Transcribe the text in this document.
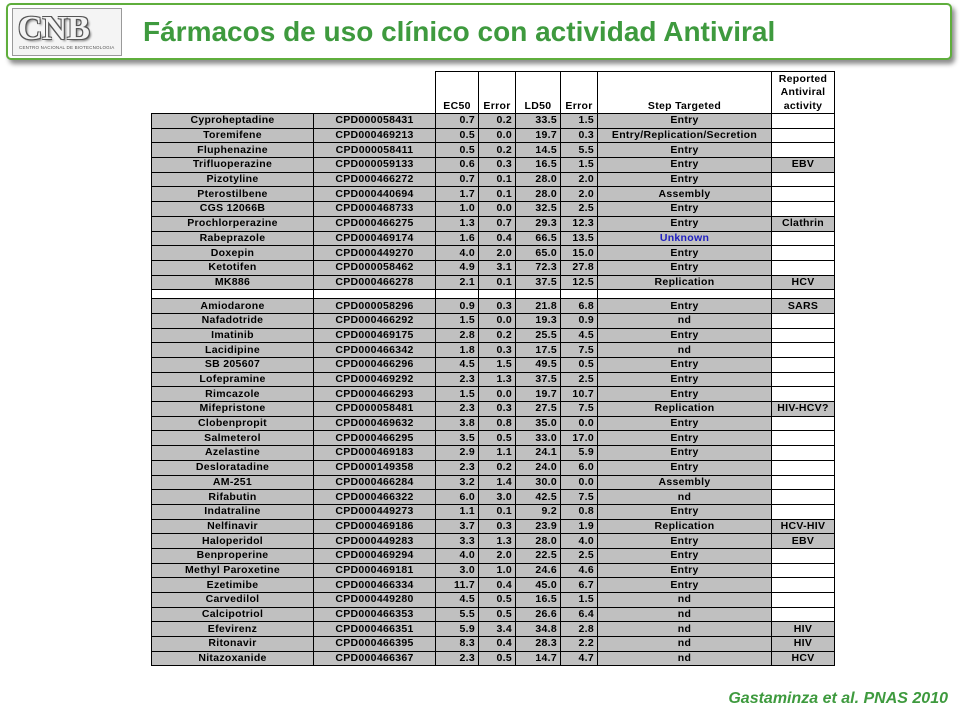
CNB
CENTRO NACIONAL DE BIOTECNOLOGIA
Fármacos de uso clínico con actividad Antiviral
		EC50	Error	LD50	Error	Step Targeted	Reported
							Antiviral
							activity
Cyproheptadine	CPD000058431	0.7	0.2	33.5	1.5	Entry	
Toremifene	CPD000469213	0.5	0.0	19.7	0.3	Entry/Replication/Secretion	
Fluphenazine	CPD000058411	0.5	0.2	14.5	5.5	Entry	
Trifluoperazine	CPD000059133	0.6	0.3	16.5	1.5	Entry	EBV
Pizotyline	CPD000466272	0.7	0.1	28.0	2.0	Entry	
Pterostilbene	CPD000440694	1.7	0.1	28.0	2.0	Assembly	
CGS 12066B	CPD000468733	1.0	0.0	32.5	2.5	Entry	
Prochlorperazine	CPD000466275	1.3	0.7	29.3	12.3	Entry	Clathrin
Rabeprazole	CPD000469174	1.6	0.4	66.5	13.5	Unknown	
Doxepin	CPD000449270	4.0	2.0	65.0	15.0	Entry	
Ketotifen	CPD000058462	4.9	3.1	72.3	27.8	Entry	
MK886	CPD000466278	2.1	0.1	37.5	12.5	Replication	HCV

Amiodarone	CPD000058296	0.9	0.3	21.8	6.8	Entry	SARS
Nafadotride	CPD000466292	1.5	0.0	19.3	0.9	nd	
Imatinib	CPD000469175	2.8	0.2	25.5	4.5	Entry	
Lacidipine	CPD000466342	1.8	0.3	17.5	7.5	nd	
SB 205607	CPD000466296	4.5	1.5	49.5	0.5	Entry	
Lofepramine	CPD000469292	2.3	1.3	37.5	2.5	Entry	
Rimcazole	CPD000466293	1.5	0.0	19.7	10.7	Entry	
Mifepristone	CPD000058481	2.3	0.3	27.5	7.5	Replication	HIV-HCV?
Clobenpropit	CPD000469632	3.8	0.8	35.0	0.0	Entry	
Salmeterol	CPD000466295	3.5	0.5	33.0	17.0	Entry	
Azelastine	CPD000469183	2.9	1.1	24.1	5.9	Entry	
Desloratadine	CPD000149358	2.3	0.2	24.0	6.0	Entry	
AM-251	CPD000466284	3.2	1.4	30.0	0.0	Assembly	
Rifabutin	CPD000466322	6.0	3.0	42.5	7.5	nd	
Indatraline	CPD000449273	1.1	0.1	9.2	0.8	Entry	
Nelfinavir	CPD000469186	3.7	0.3	23.9	1.9	Replication	HCV-HIV
Haloperidol	CPD000449283	3.3	1.3	28.0	4.0	Entry	EBV
Benproperine	CPD000469294	4.0	2.0	22.5	2.5	Entry	
Methyl Paroxetine	CPD000469181	3.0	1.0	24.6	4.6	Entry	
Ezetimibe	CPD000466334	11.7	0.4	45.0	6.7	Entry	
Carvedilol	CPD000449280	4.5	0.5	16.5	1.5	nd	
Calcipotriol	CPD000466353	5.5	0.5	26.6	6.4	nd	
Efevirenz	CPD000466351	5.9	3.4	34.8	2.8	nd	HIV
Ritonavir	CPD000466395	8.3	0.4	28.3	2.2	nd	HIV
Nitazoxanide	CPD000466367	2.3	0.5	14.7	4.7	nd	HCV
Gastaminza et al. PNAS 2010
